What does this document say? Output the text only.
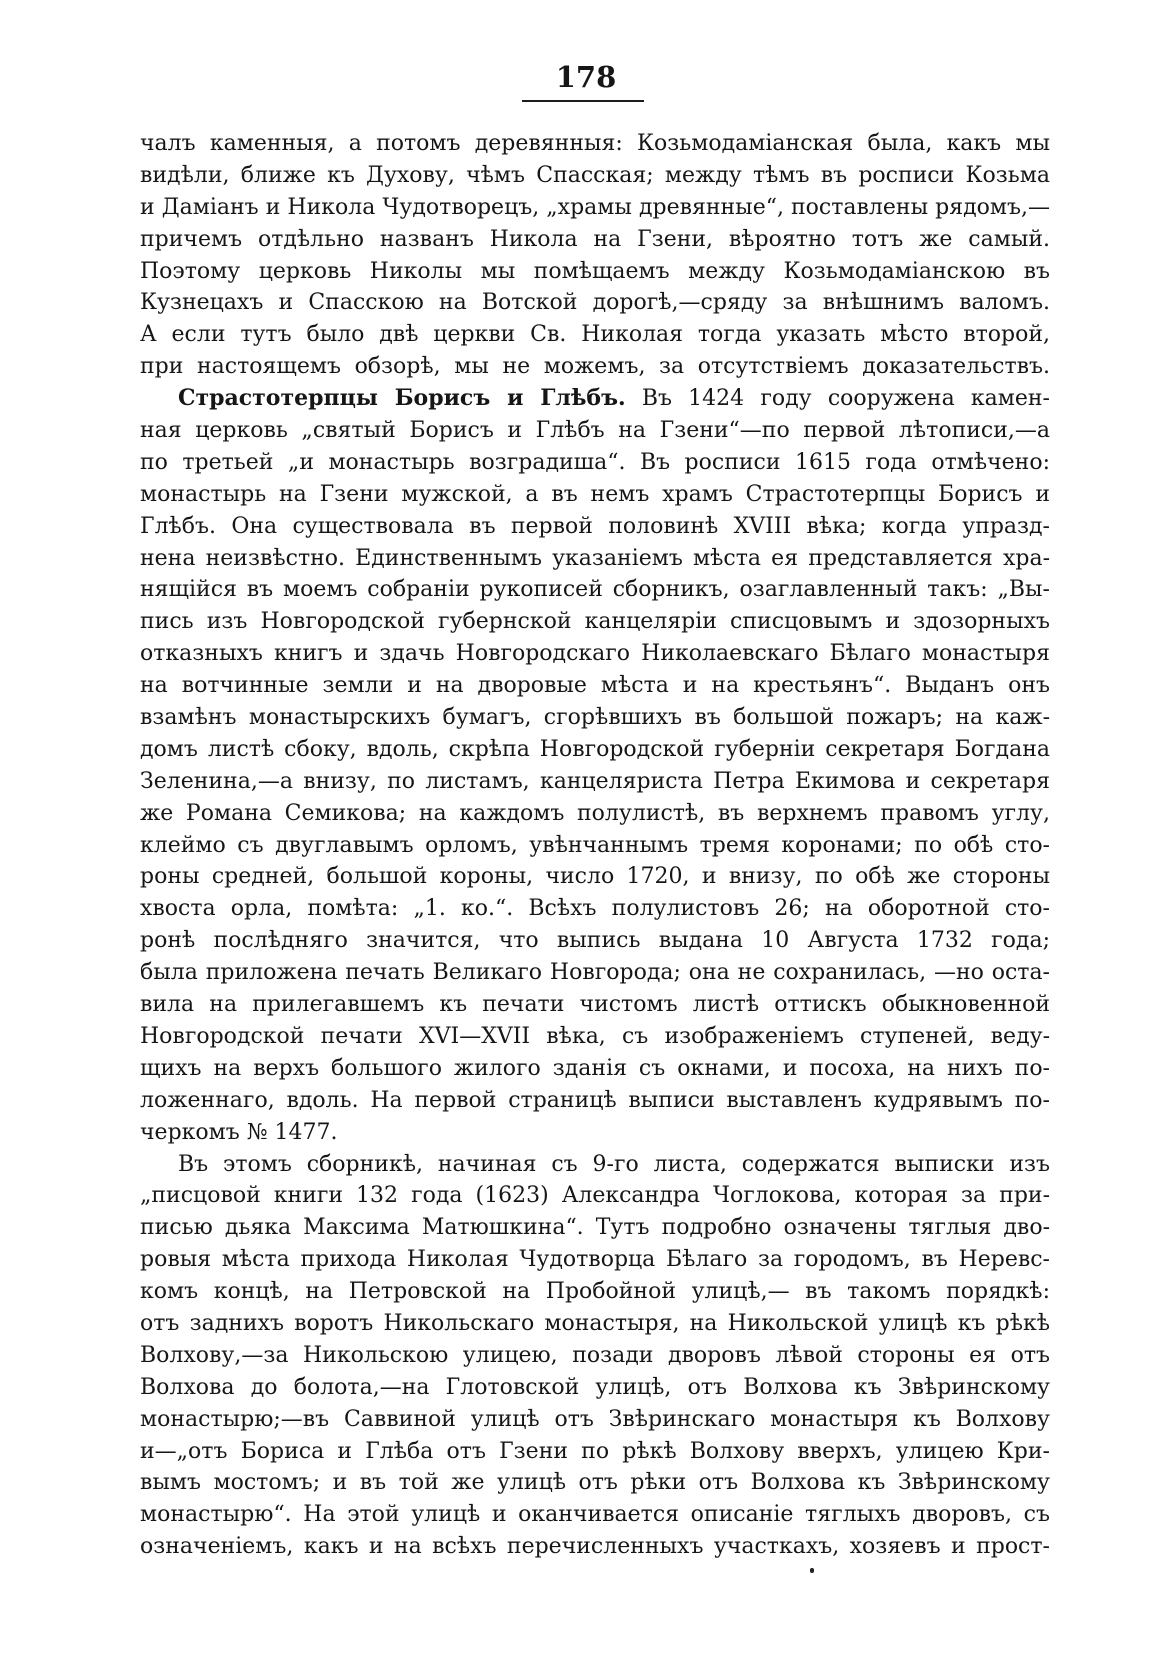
178
чалъ каменныя, а потомъ деревянныя: Козьмодаміанская была, какъ мы
видѣли, ближе къ Духову, чѣмъ Спасская; между тѣмъ въ росписи Козьма
и Даміанъ и Никола Чудотворецъ, „храмы древянные“, поставлены рядомъ,—
причемъ отдѣльно названъ Никола на Гзени, вѣроятно тотъ же самый.
Поэтому церковь Николы мы помѣщаемъ между Козьмодаміанскою въ
Кузнецахъ и Спасскою на Вотской дорогѣ,—сряду за внѣшнимъ валомъ.
А если тутъ было двѣ церкви Св. Николая тогда указать мѣсто второй,
при настоящемъ обзорѣ, мы не можемъ, за отсутствіемъ доказательствъ.
Страстотерпцы Борисъ и Глѣбъ. Въ 1424 году сооружена камен-
ная церковь „святый Борисъ и Глѣбъ на Гзени“—по первой лѣтописи,—а
по третьей „и монастырь возградиша“. Въ росписи 1615 года отмѣчено:
монастырь на Гзени мужской, а въ немъ храмъ Страстотерпцы Борисъ и
Глѣбъ. Она существовала въ первой половинѣ XVIII вѣка; когда упразд-
нена неизвѣстно. Единственнымъ указаніемъ мѣста ея представляется хра-
нящійся въ моемъ собраніи рукописей сборникъ, озаглавленный такъ: „Вы-
пись изъ Новгородской губернской канцеляріи списцовымъ и здозорныхъ
отказныхъ книгъ и здачь Новгородскаго Николаевскаго Бѣлаго монастыря
на вотчинные земли и на дворовые мѣста и на крестьянъ“. Выданъ онъ
взамѣнъ монастырскихъ бумагъ, сгорѣвшихъ въ большой пожаръ; на каж-
домъ листѣ сбоку, вдоль, скрѣпа Новгородской губерніи секретаря Богдана
Зеленина,—а внизу, по листамъ, канцеляриста Петра Екимова и секретаря
же Романа Семикова; на каждомъ полулистѣ, въ верхнемъ правомъ углу,
клеймо съ двуглавымъ орломъ, увѣнчаннымъ тремя коронами; по обѣ сто-
роны средней, большой короны, число 1720, и внизу, по обѣ же стороны
хвоста орла, помѣта: „1. ко.“. Всѣхъ полулистовъ 26; на оборотной сто-
ронѣ послѣдняго значится, что выпись выдана 10 Августа 1732 года;
была приложена печать Великаго Новгорода; она не сохранилась, —но оста-
вила на прилегавшемъ къ печати чистомъ листѣ оттискъ обыкновенной
Новгородской печати XVI—XVII вѣка, съ изображеніемъ ступеней, веду-
щихъ на верхъ большого жилого зданія съ окнами, и посоха, на нихъ по-
ложеннаго, вдоль. На первой страницѣ выписи выставленъ кудрявымъ по-
черкомъ № 1477.
Въ этомъ сборникѣ, начиная съ 9-го листа, содержатся выписки изъ
„писцовой книги 132 года (1623) Александра Чоглокова, которая за при-
писью дьяка Максима Матюшкина“. Тутъ подробно означены тяглыя дво-
ровыя мѣста прихода Николая Чудотворца Бѣлаго за городомъ, въ Неревс-
комъ концѣ, на Петровской на Пробойной улицѣ,— въ такомъ порядкѣ:
отъ заднихъ воротъ Никольскаго монастыря, на Никольской улицѣ къ рѣкѣ
Волхову,—за Никольскою улицею, позади дворовъ лѣвой стороны ея отъ
Волхова до болота,—на Глотовской улицѣ, отъ Волхова къ Звѣринскому
монастырю;—въ Саввиной улицѣ отъ Звѣринскаго монастыря къ Волхову
и—„отъ Бориса и Глѣба отъ Гзени по рѣкѣ Волхову вверхъ, улицею Кри-
вымъ мостомъ; и въ той же улицѣ отъ рѣки отъ Волхова къ Звѣринскому
монастырю“. На этой улицѣ и оканчивается описаніе тяглыхъ дворовъ, съ
означеніемъ, какъ и на всѣхъ перечисленныхъ участкахъ, хозяевъ и прост-
